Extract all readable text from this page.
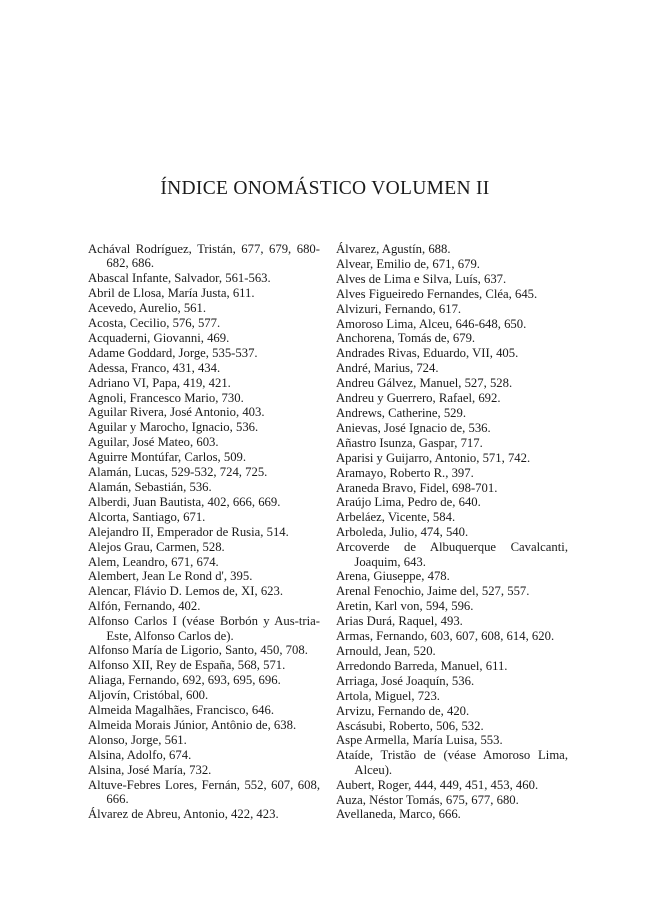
ÍNDICE ONOMÁSTICO VOLUMEN II

Achával Rodríguez, Tristán, 677, 679, 680-682, 686.

Abascal Infante, Salvador, 561-563.

Abril de Llosa, María Justa, 611.

Acevedo, Aurelio, 561.

Acosta, Cecilio, 576, 577.

Acquaderni, Giovanni, 469.

Adame Goddard, Jorge, 535-537.

Adessa, Franco, 431, 434.

Adriano VI, Papa, 419, 421.

Agnoli, Francesco Mario, 730.

Aguilar Rivera, José Antonio, 403.

Aguilar y Marocho, Ignacio, 536.

Aguilar, José Mateo, 603.

Aguirre Montúfar, Carlos, 509.

Alamán, Lucas, 529-532, 724, 725.

Alamán, Sebastián, 536.

Alberdi, Juan Bautista, 402, 666, 669.

Alcorta, Santiago, 671.

Alejandro II, Emperador de Rusia, 514.

Alejos Grau, Carmen, 528.

Alem, Leandro, 671, 674.

Alembert, Jean Le Rond d', 395.

Alencar, Flávio D. Lemos de, XI, 623.

Alfón, Fernando, 402.

Alfonso Carlos I (véase Borbón y Aus-tria-Este, Alfonso Carlos de).

Alfonso María de Ligorio, Santo, 450, 708.

Alfonso XII, Rey de España, 568, 571.

Aliaga, Fernando, 692, 693, 695, 696.

Aljovín, Cristóbal, 600.

Almeida Magalhães, Francisco, 646.

Almeida Morais Júnior, Antônio de, 638.

Alonso, Jorge, 561.

Alsina, Adolfo, 674.

Alsina, José María, 732.

Altuve-Febres Lores, Fernán, 552, 607, 608, 666.

Álvarez de Abreu, Antonio, 422, 423.

Álvarez, Agustín, 688.

Alvear, Emilio de, 671, 679.

Alves de Lima e Silva, Luís, 637.

Alves Figueiredo Fernandes, Cléa, 645.

Alvizuri, Fernando, 617.

Amoroso Lima, Alceu, 646-648, 650.

Anchorena, Tomás de, 679.

Andrades Rivas, Eduardo, VII, 405.

André, Marius, 724.

Andreu Gálvez, Manuel, 527, 528.

Andreu y Guerrero, Rafael, 692.

Andrews, Catherine, 529.

Anievas, José Ignacio de, 536.

Añastro Isunza, Gaspar, 717.

Aparisi y Guijarro, Antonio, 571, 742.

Aramayo, Roberto R., 397.

Araneda Bravo, Fidel, 698-701.

Araújo Lima, Pedro de, 640.

Arbeláez, Vicente, 584.

Arboleda, Julio, 474, 540.

Arcoverde de Albuquerque Cavalcanti, Joaquim, 643.

Arena, Giuseppe, 478.

Arenal Fenochio, Jaime del, 527, 557.

Aretin, Karl von, 594, 596.

Arias Durá, Raquel, 493.

Armas, Fernando, 603, 607, 608, 614, 620.

Arnould, Jean, 520.

Arredondo Barreda, Manuel, 611.

Arriaga, José Joaquín, 536.

Artola, Miguel, 723.

Arvizu, Fernando de, 420.

Ascásubi, Roberto, 506, 532.

Aspe Armella, María Luisa, 553.

Ataíde, Tristão de (véase Amoroso Lima, Alceu).

Aubert, Roger, 444, 449, 451, 453, 460.

Auza, Néstor Tomás, 675, 677, 680.

Avellaneda, Marco, 666.
